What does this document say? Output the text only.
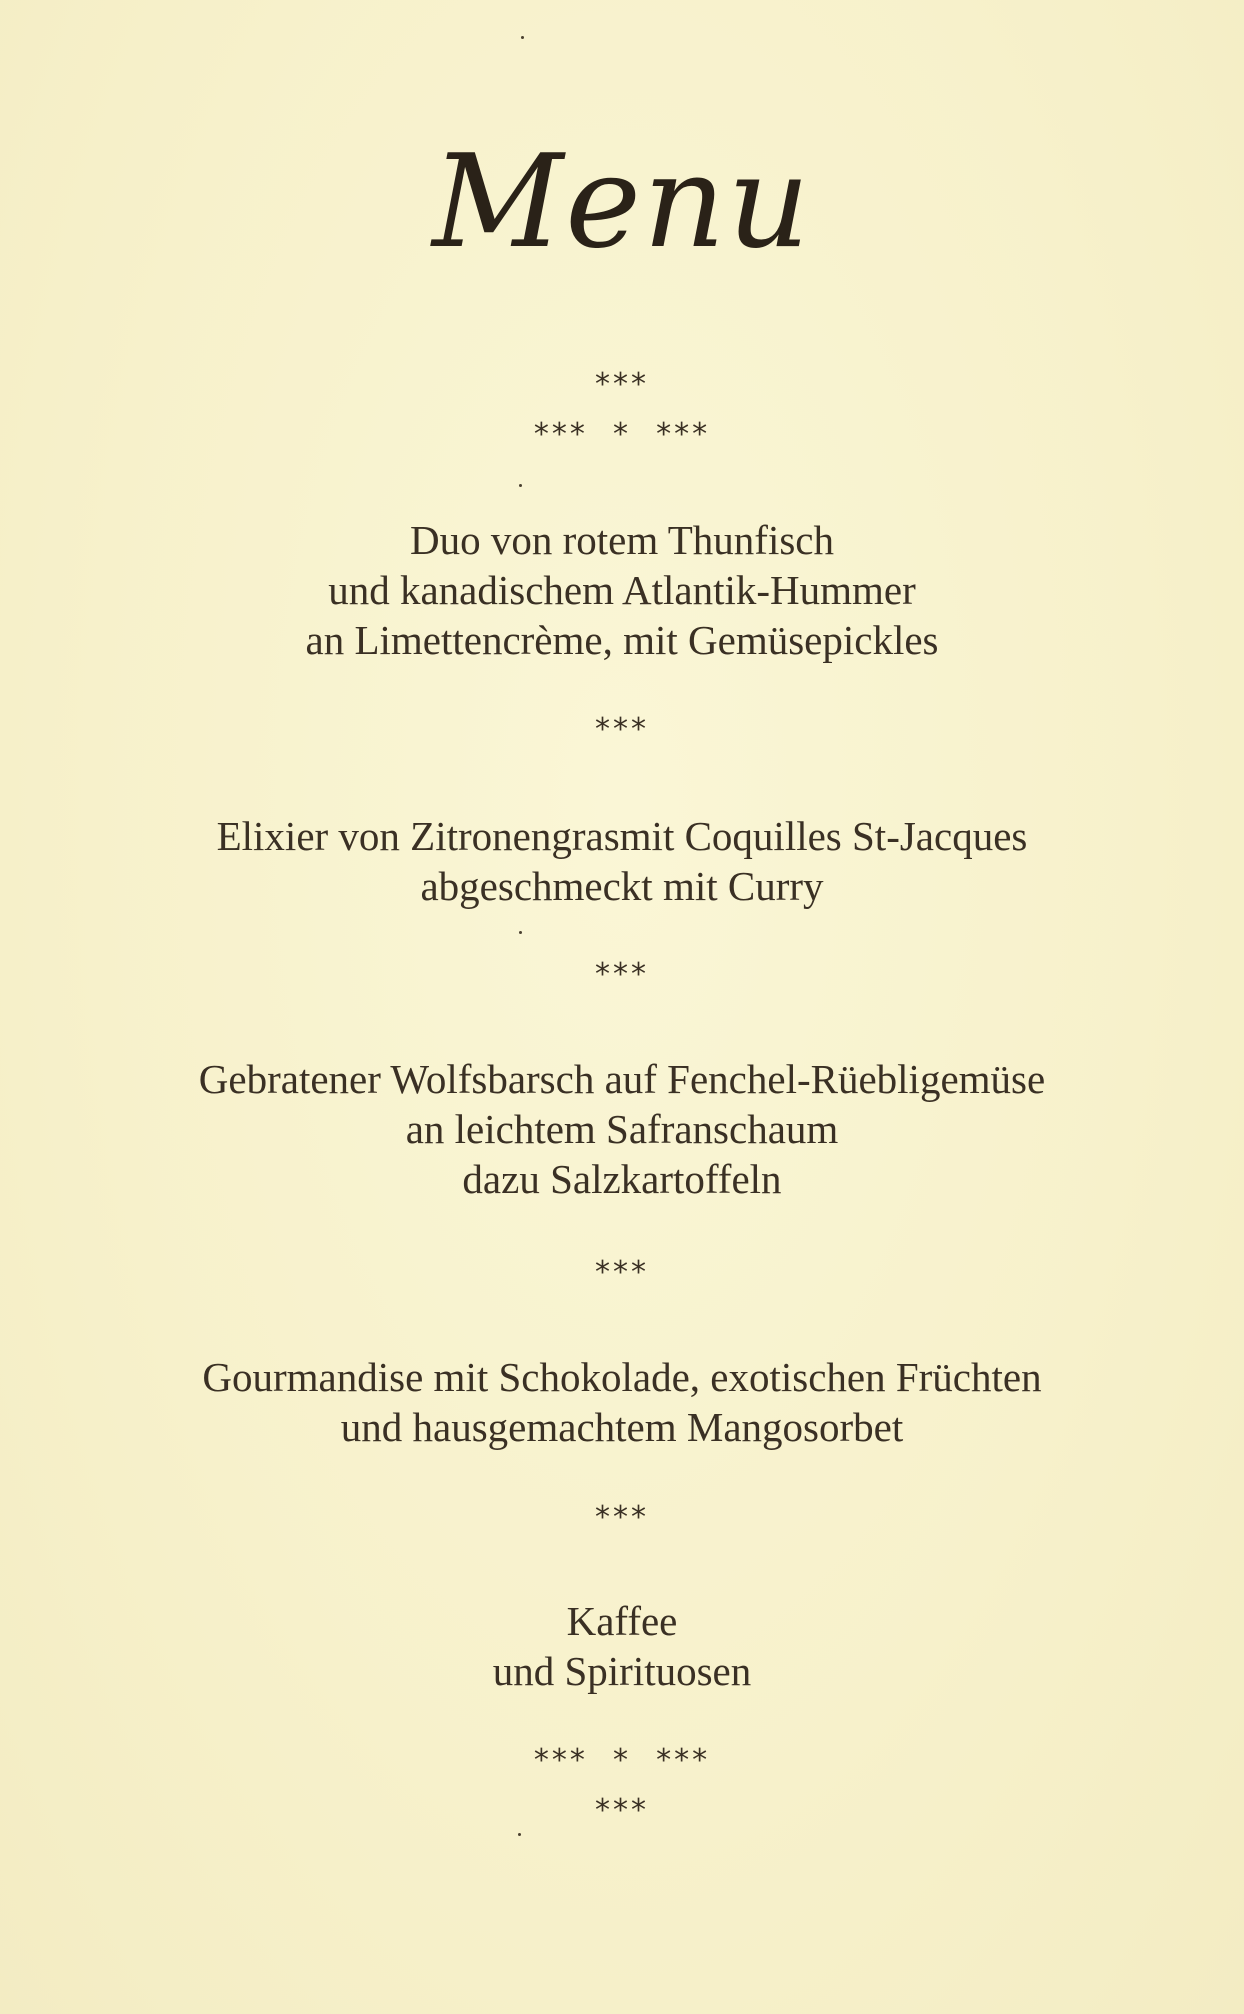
Menu
***
***  *  ***
Duo von rotem Thunfisch
und kanadischem Atlantik-Hummer
an Limettencrème, mit Gemüsepickles
***
Elixier von Zitronengrasmit Coquilles St-Jacques
abgeschmeckt mit Curry
***
Gebratener Wolfsbarsch auf Fenchel-Rüebligemüse
an leichtem Safranschaum
dazu Salzkartoffeln
***
Gourmandise mit Schokolade, exotischen Früchten
und hausgemachtem Mangosorbet
***
Kaffee
und Spirituosen
***  *  ***
***
